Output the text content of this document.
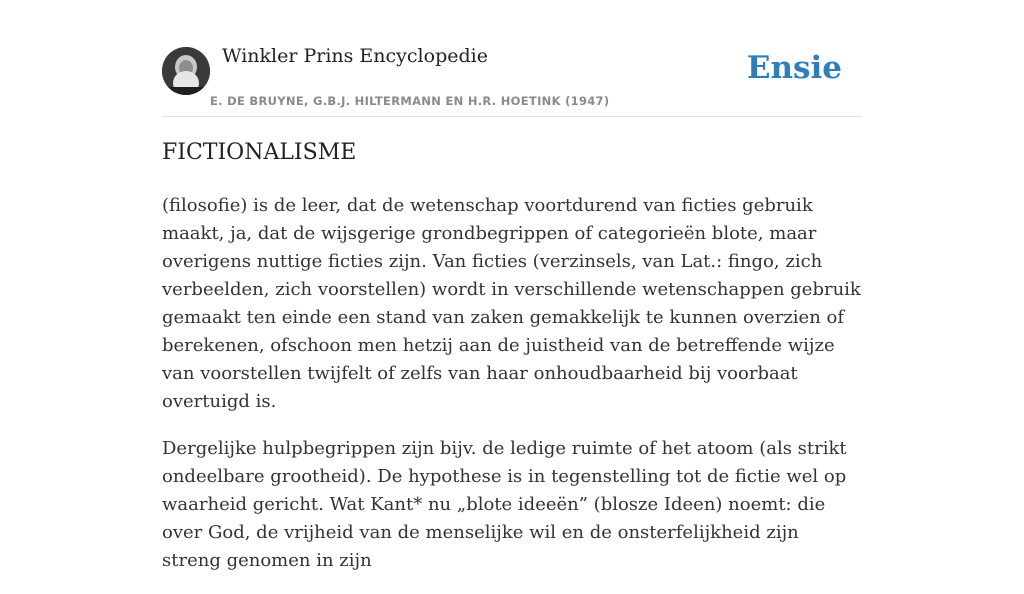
Winkler Prins Encyclopedie
E. DE BRUYNE, G.B.J. HILTERMANN EN H.R. HOETINK (1947)
Ensie
FICTIONALISME

(filosofie) is de leer, dat de wetenschap voortdurend van ficties gebruik maakt, ja, dat de wijsgerige grondbegrippen of categorieën blote, maar overigens nuttige ficties zijn. Van ficties (verzinsels, van Lat.: fingo, zich verbeelden, zich voorstellen) wordt in verschillende wetenschappen gebruik gemaakt ten einde een stand van zaken gemakkelijk te kunnen overzien of berekenen, ofschoon men hetzij aan de juistheid van de betreffende wijze van voorstellen twijfelt of zelfs van haar onhoudbaarheid bij voorbaat overtuigd is.

Dergelijke hulpbegrippen zijn bijv. de ledige ruimte of het atoom (als strikt ondeelbare grootheid). De hypothese is in tegenstelling tot de fictie wel op waarheid gericht. Wat Kant* nu „blote ideeën” (blosze Ideen) noemt: die over God, de vrijheid van de menselijke wil en de onsterfelijkheid zijn streng genomen in zijn
